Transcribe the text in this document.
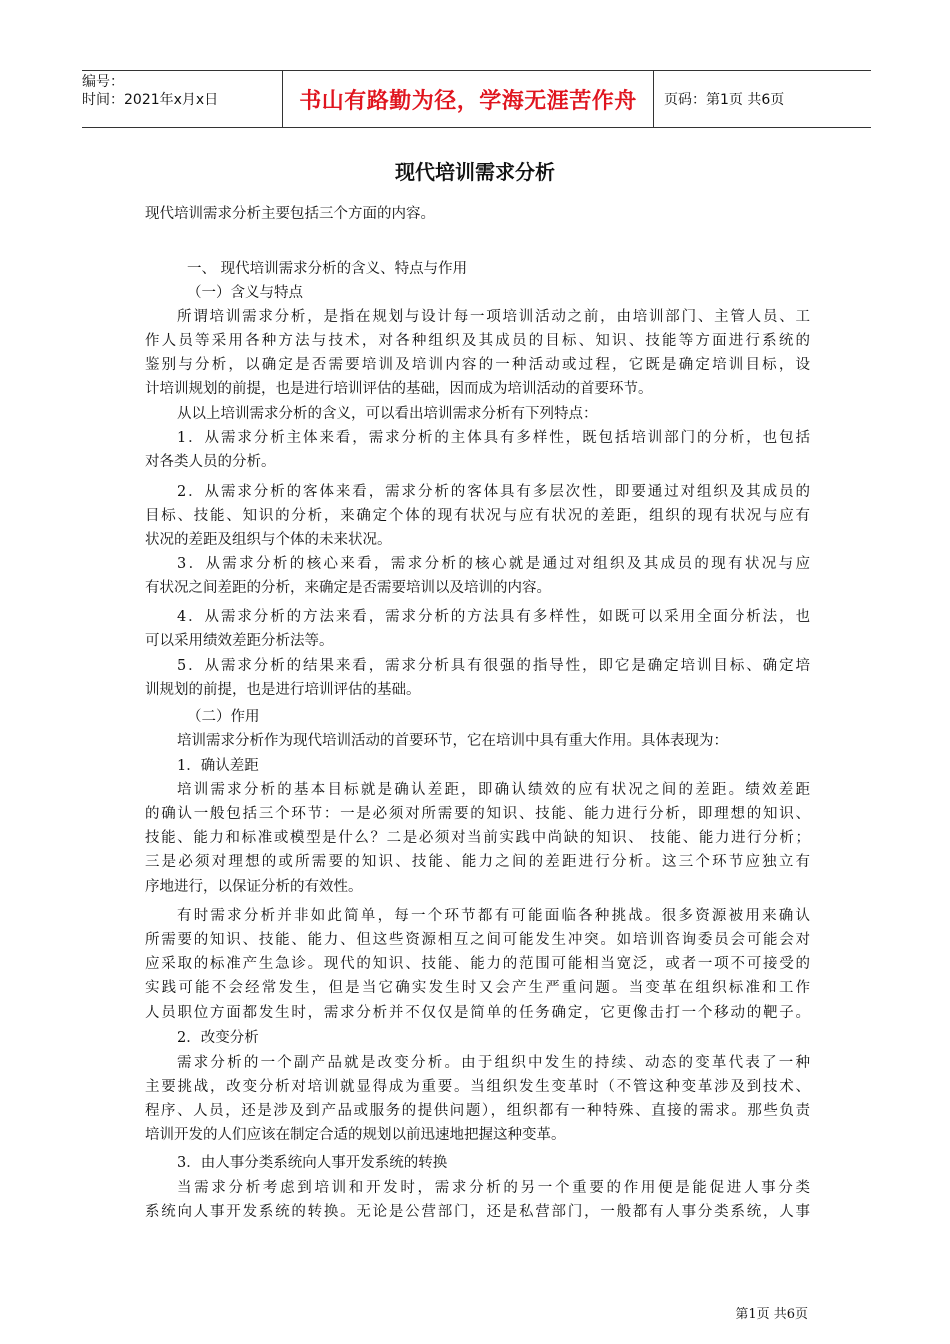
编号：
时间：2021年x月x日	书山有路勤为径，学海无涯苦作舟	页码：第1页 共6页
现代培训需求分析
现代培训需求分析主要包括三个方面的内容。
一、 现代培训需求分析的含义、特点与作用
（一）含义与特点
所谓培训需求分析，是指在规划与设计每一项培训活动之前，由培训部门、主管人员、工
作人员等采用各种方法与技术，对各种组织及其成员的目标、知识、技能等方面进行系统的
鉴别与分析，以确定是否需要培训及培训内容的一种活动或过程，它既是确定培训目标，设
计培训规划的前提，也是进行培训评估的基础，因而成为培训活动的首要环节。
从以上培训需求分析的含义，可以看出培训需求分析有下列特点：
1．从需求分析主体来看，需求分析的主体具有多样性，既包括培训部门的分析，也包括
对各类人员的分析。
2．从需求分析的客体来看，需求分析的客体具有多层次性，即要通过对组织及其成员的
目标、技能、知识的分析，来确定个体的现有状况与应有状况的差距，组织的现有状况与应有
状况的差距及组织与个体的未来状况。
3．从需求分析的核心来看，需求分析的核心就是通过对组织及其成员的现有状况与应
有状况之间差距的分析，来确定是否需要培训以及培训的内容。
4．从需求分析的方法来看，需求分析的方法具有多样性，如既可以采用全面分析法，也
可以采用绩效差距分析法等。
5．从需求分析的结果来看，需求分析具有很强的指导性，即它是确定培训目标、确定培
训规划的前提，也是进行培训评估的基础。
（二）作用
培训需求分析作为现代培训活动的首要环节，它在培训中具有重大作用。具体表现为：
1．确认差距
培训需求分析的基本目标就是确认差距，即确认绩效的应有状况之间的差距。绩效差距
的确认一般包括三个环节：一是必须对所需要的知识、技能、能力进行分析，即理想的知识、
技能、能力和标准或模型是什么？二是必须对当前实践中尚缺的知识、 技能、能力进行分析；
三是必须对理想的或所需要的知识、技能、能力之间的差距进行分析。这三个环节应独立有
序地进行，以保证分析的有效性。
有时需求分析并非如此简单，每一个环节都有可能面临各种挑战。很多资源被用来确认
所需要的知识、技能、能力、但这些资源相互之间可能发生冲突。如培训咨询委员会可能会对
应采取的标准产生急诊。现代的知识、技能、能力的范围可能相当宽泛，或者一项不可接受的
实践可能不会经常发生，但是当它确实发生时又会产生严重问题。当变革在组织标准和工作
人员职位方面都发生时，需求分析并不仅仅是简单的任务确定，它更像击打一个移动的靶子。
2．改变分析
需求分析的一个副产品就是改变分析。由于组织中发生的持续、动态的变革代表了一种
主要挑战，改变分析对培训就显得成为重要。当组织发生变革时（不管这种变革涉及到技术、
程序、人员，还是涉及到产品或服务的提供问题），组织都有一种特殊、直接的需求。那些负责
培训开发的人们应该在制定合适的规划以前迅速地把握这种变革。
3．由人事分类系统向人事开发系统的转换
当需求分析考虑到培训和开发时，需求分析的另一个重要的作用便是能促进人事分类
系统向人事开发系统的转换。无论是公营部门，还是私营部门，一般都有人事分类系统，人事
第1页 共6页
